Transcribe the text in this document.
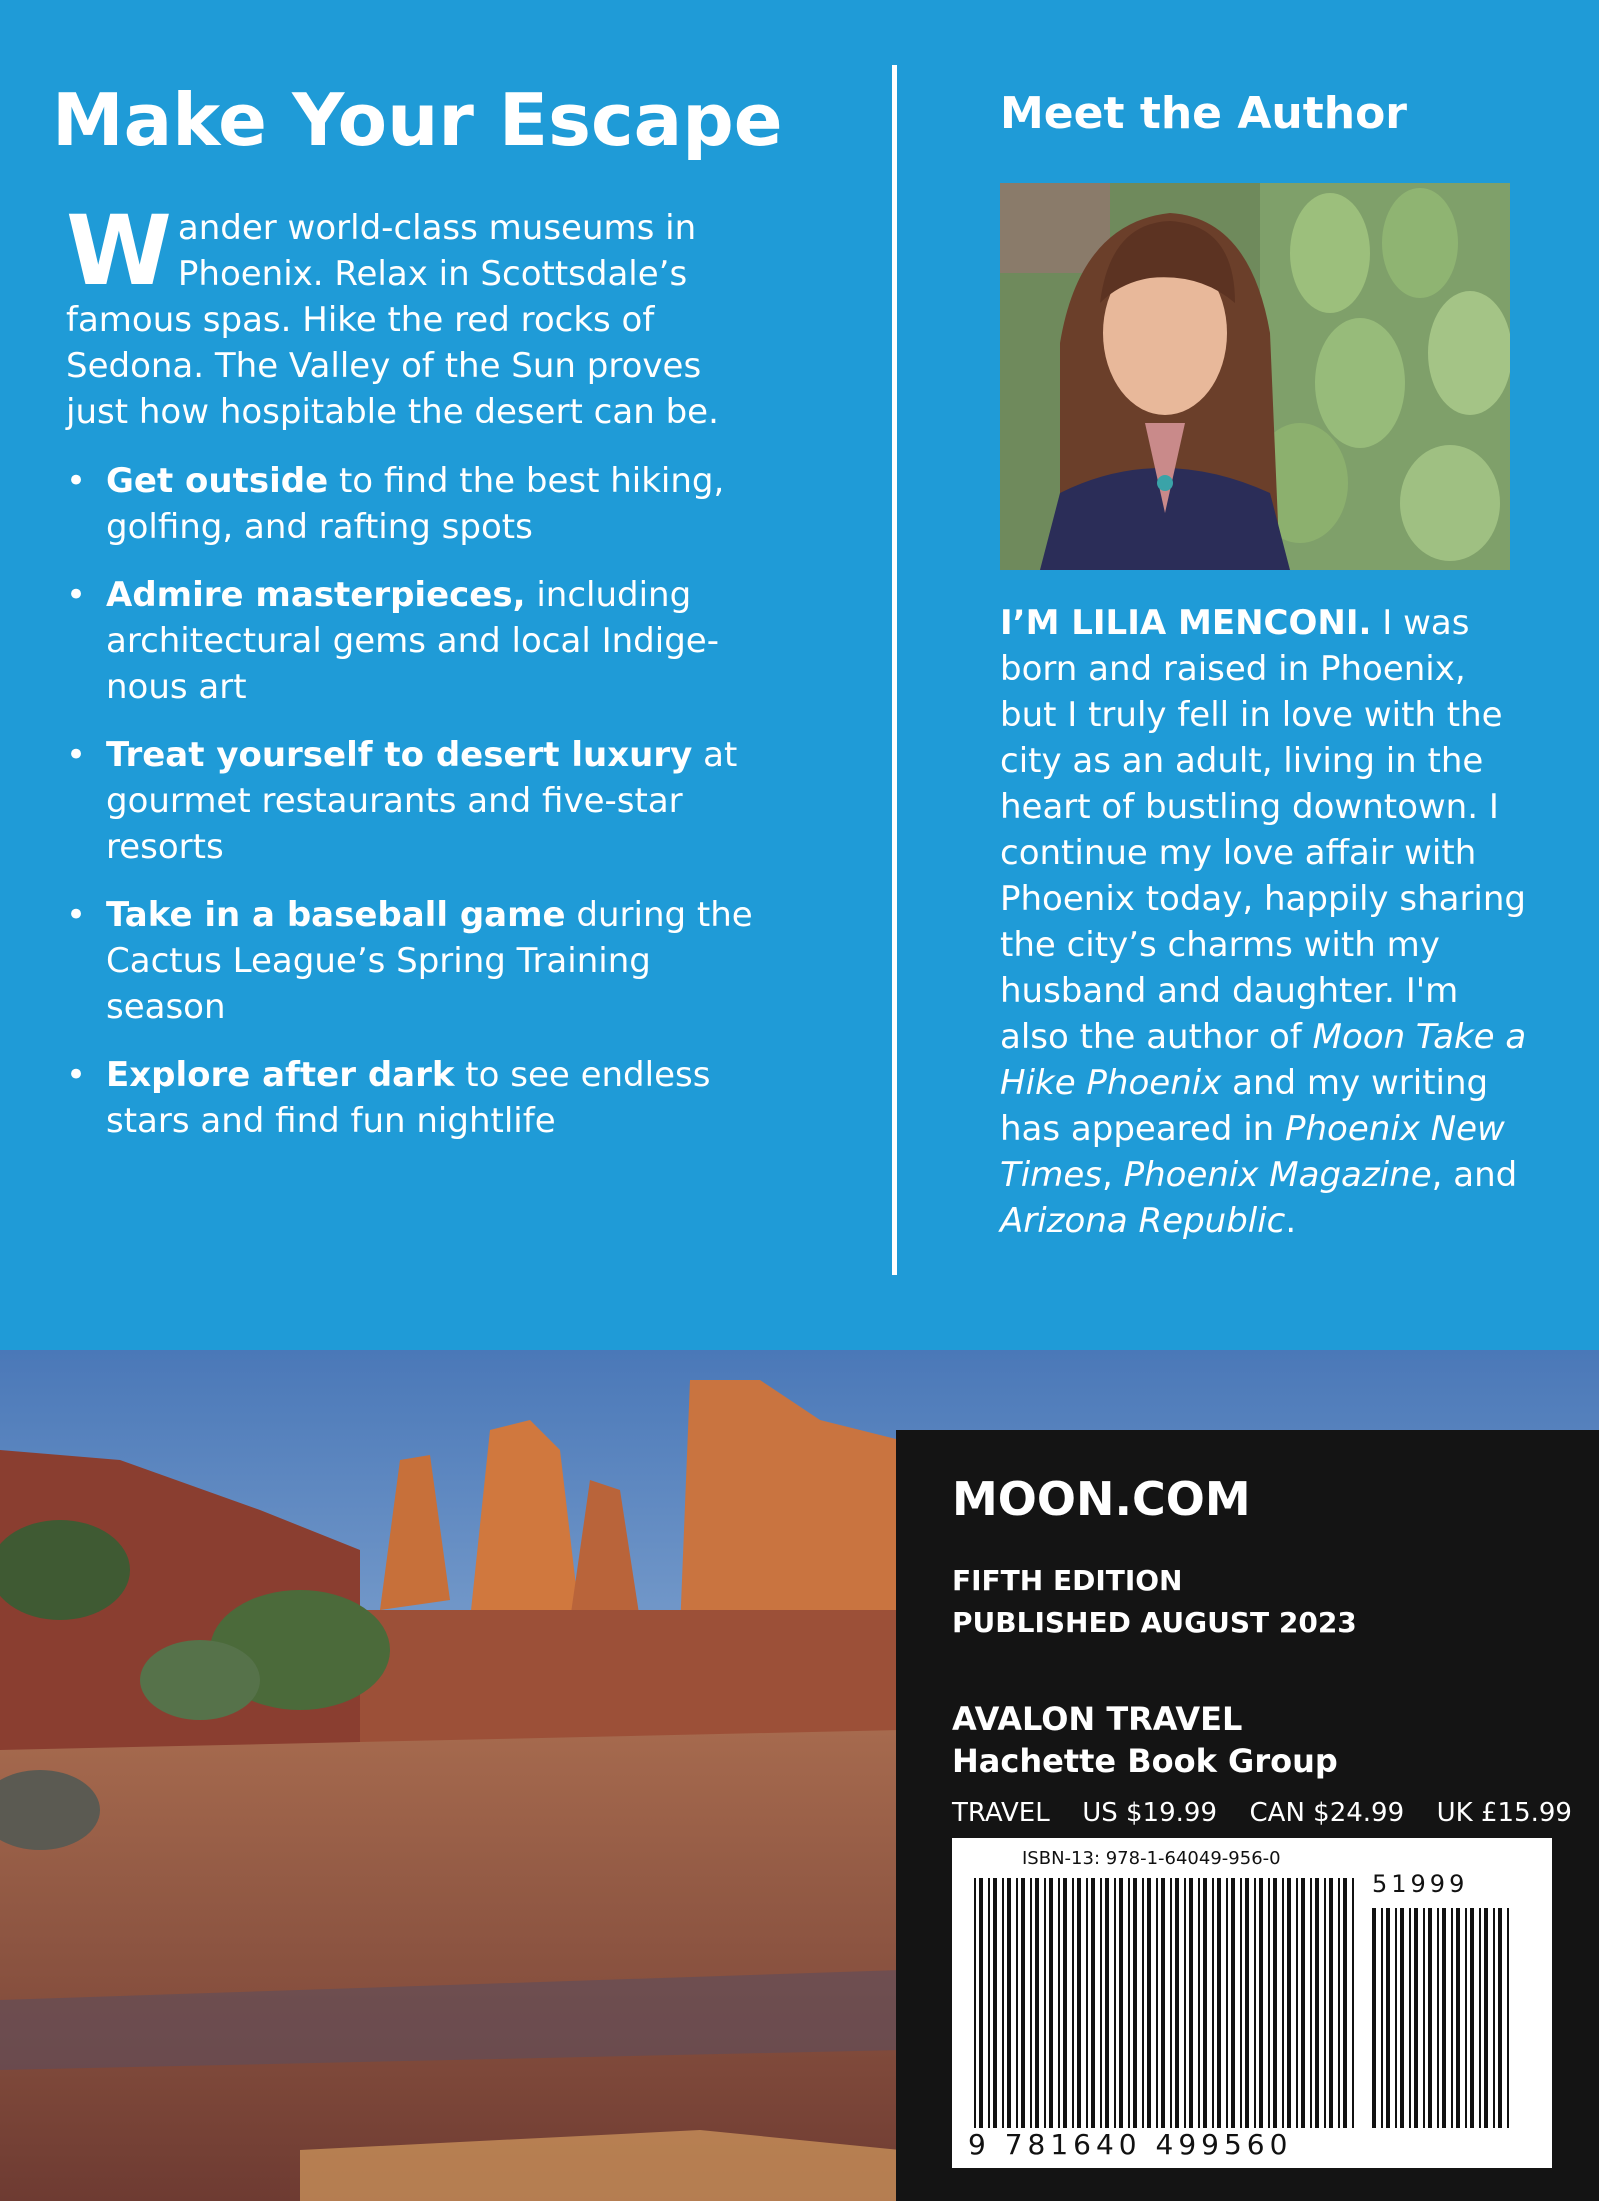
Make Your Escape

Wander world-class museums in Phoenix. Relax in Scottsdale’s famous spas. Hike the red rocks of Sedona. The Valley of the Sun proves just how hospitable the desert can be.

• Get outside to find the best hiking, golfing, and rafting spots
• Admire masterpieces, including architectural gems and local Indige-nous art
• Treat yourself to desert luxury at gourmet restaurants and five-star resorts
• Take in a baseball game during the Cactus League’s Spring Training season
• Explore after dark to see endless stars and find fun nightlife
Meet the Author

I’M LILIA MENCONI. I was born and raised in Phoenix, but I truly fell in love with the city as an adult, living in the heart of bustling downtown. I continue my love affair with Phoenix today, happily sharing the city’s charms with my husband and daughter. I'm also the author of Moon Take a Hike Phoenix and my writing has appeared in Phoenix New Times, Phoenix Magazine, and Arizona Republic.

MOON.COM

FIFTH EDITION
PUBLISHED AUGUST 2023

AVALON TRAVEL
Hachette Book Group

TRAVEL US $19.99 CAN $24.99 UK £15.99
ISBN-13: 978-1-64049-956-0
51999
9 781640 499560
